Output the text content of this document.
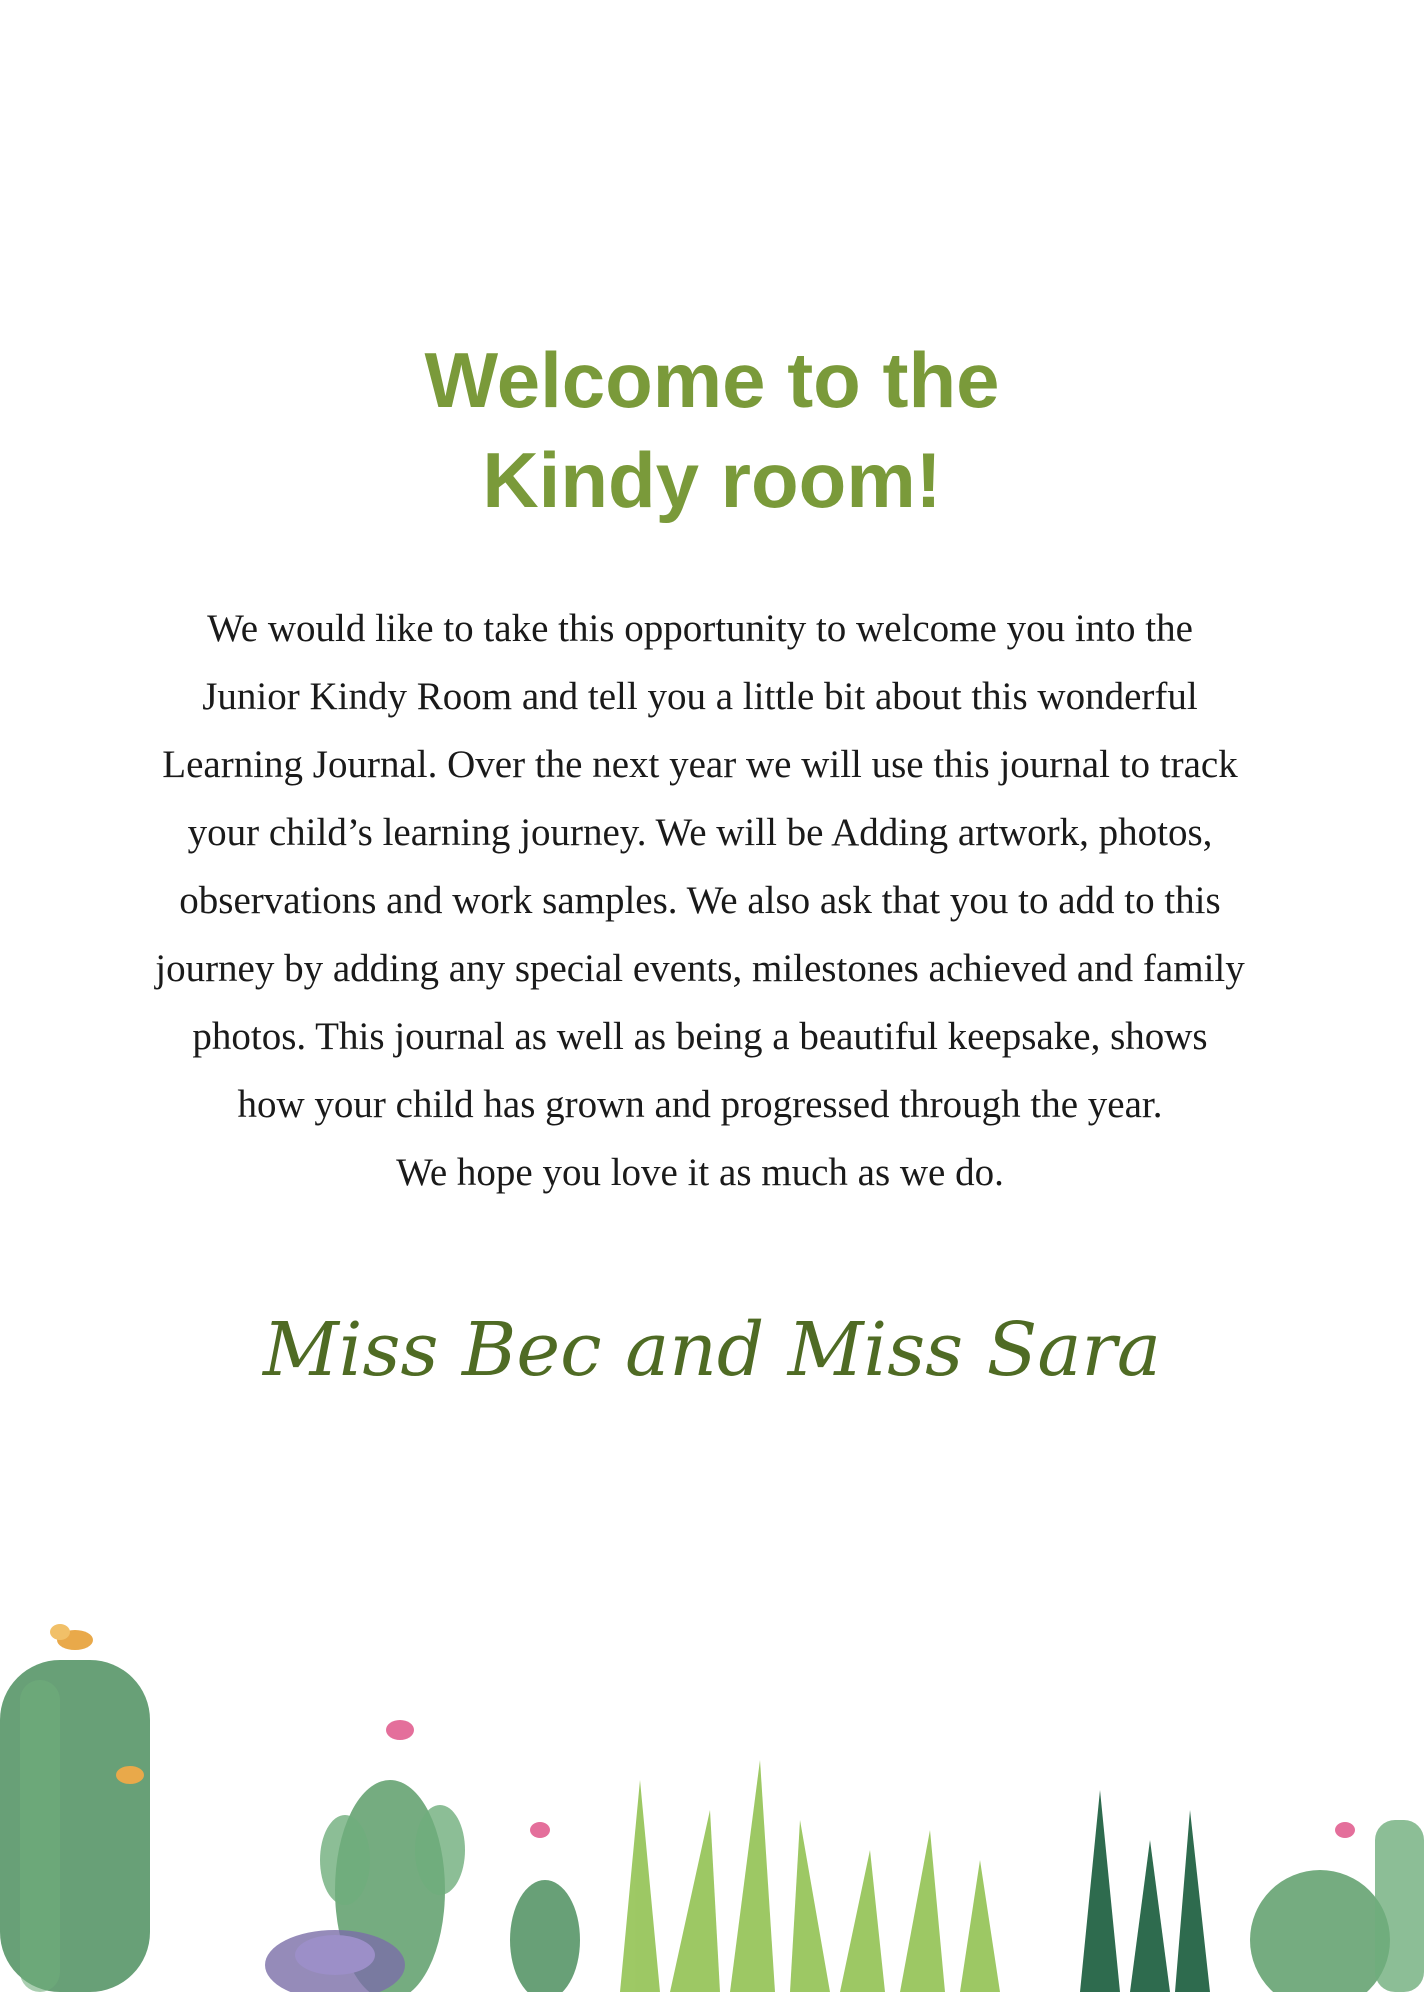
Welcome to the
Kindy room!

We would like to take this opportunity to welcome you into the

Junior Kindy Room and tell you a little bit about this wonderful

Learning Journal. Over the next year we will use this journal to track

your child’s learning journey. We will be Adding artwork, photos,

observations and work samples. We also ask that you to add to this

journey by adding any special events, milestones achieved and family

photos. This journal as well as being a beautiful keepsake, shows

how your child has grown and progressed through the year.

We hope you love it as much as we do.

Miss Bec and Miss Sara
